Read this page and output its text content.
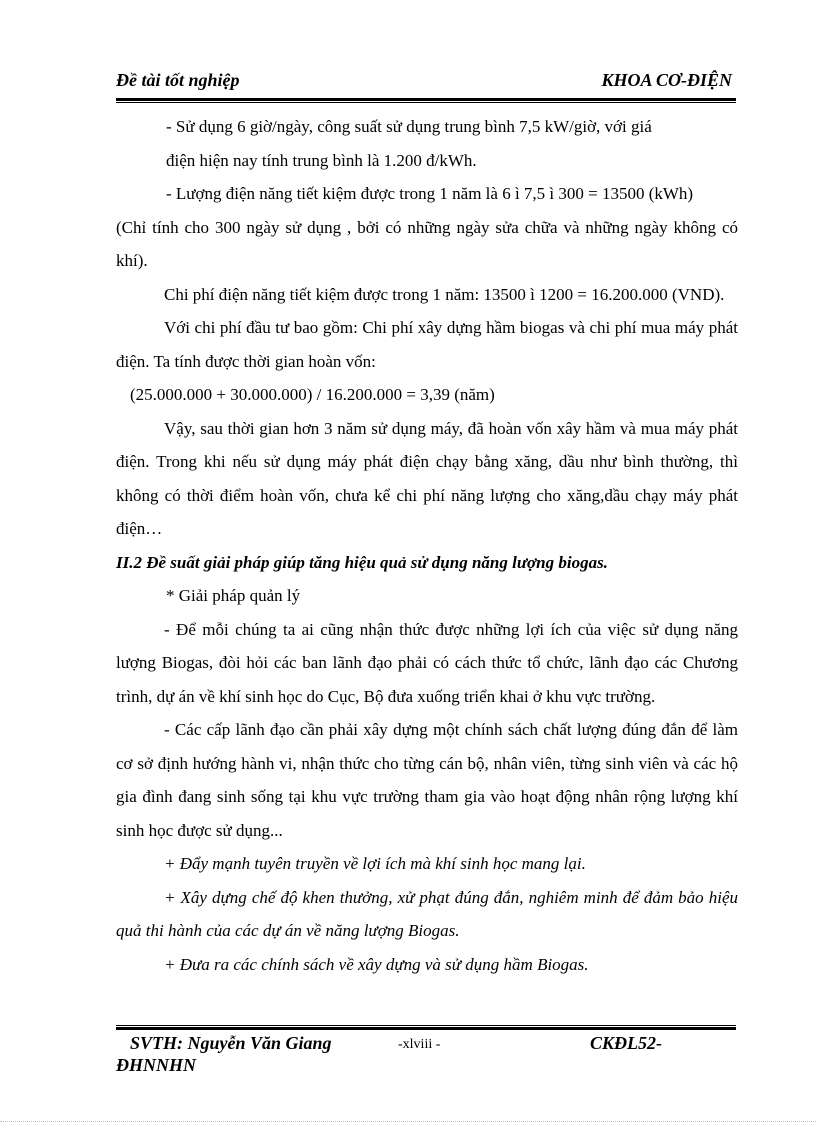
Đề tài tốt nghiệp	KHOA CƠ-ĐIỆN

- Sử dụng 6 giờ/ngày, công suất sử dụng trung bình 7,5 kW/giờ, với giá
điện hiện nay tính trung bình là 1.200 đ/kWh.

- Lượng điện năng tiết kiệm được trong 1 năm là 6 ì 7,5 ì 300 = 13500 (kWh)

(Chỉ tính cho 300 ngày sử dụng , bởi có những ngày sửa chữa và những ngày không có khí).

Chi phí điện năng tiết kiệm được trong 1 năm: 13500 ì 1200 = 16.200.000 (VND).

Với chi phí đầu tư bao gồm: Chi phí xây dựng hầm biogas và chi phí mua máy phát điện. Ta tính được thời gian hoàn vốn:

(25.000.000 + 30.000.000) / 16.200.000 = 3,39 (năm)

Vậy, sau thời gian hơn 3 năm sử dụng máy, đã hoàn vốn xây hầm và mua máy phát điện. Trong khi nếu sử dụng máy phát điện chạy bằng xăng, dầu như bình thường, thì không có thời điểm hoàn vốn, chưa kể chi phí năng lượng cho xăng,dầu chạy máy phát điện…

II.2 Đề suất giải pháp giúp tăng hiệu quả sử dụng năng lượng biogas.

* Giải pháp quản lý

- Để mỗi chúng ta ai cũng nhận thức được những lợi ích của việc sử dụng năng lượng Biogas, đòi hỏi các ban lãnh đạo phải có cách thức tổ chức, lãnh đạo các Chương trình, dự án về khí sinh học do Cục, Bộ đưa xuống triển khai ở khu vực trường.

- Các cấp lãnh đạo cần phải xây dựng một chính sách chất lượng đúng đắn để làm cơ sở định hướng hành vi, nhận thức cho từng cán bộ, nhân viên, từng sinh viên và các hộ gia đình đang sinh sống tại khu vực trường tham gia vào hoạt động nhân rộng lượng khí sinh học được sử dụng...

+ Đẩy mạnh tuyên truyền về lợi ích mà khí sinh học mang lại.

+ Xây dựng chế độ khen thưởng, xử phạt đúng đắn, nghiêm minh để đảm bảo hiệu quả thi hành của các dự án về năng lượng Biogas.

+ Đưa ra các chính sách về xây dựng và sử dụng hầm Biogas.

SVTH: Nguyễn Văn Giang	-xlviii -	CKĐL52-
ĐHNNHN
